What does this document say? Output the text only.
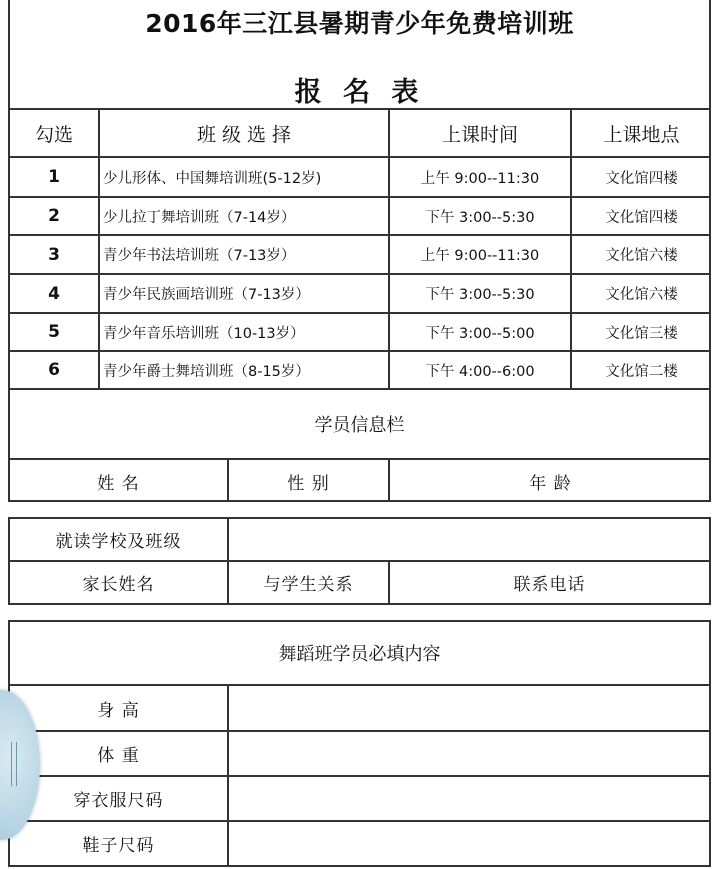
2016年三江县暑期青少年免费培训班
报 名 表
勾选	班 级 选 择	上课时间	上课地点
1	少儿形体、中国舞培训班(5-12岁)	上午 9:00--11:30	文化馆四楼
2	少儿拉丁舞培训班（7-14岁）	下午 3:00--5:30	文化馆四楼
3	青少年书法培训班（7-13岁）	上午 9:00--11:30	文化馆六楼
4	青少年民族画培训班（7-13岁）	下午 3:00--5:30	文化馆六楼
5	青少年音乐培训班（10-13岁）	下午 3:00--5:00	文化馆三楼
6	青少年爵士舞培训班（8-15岁）	下午 4:00--6:00	文化馆二楼
学员信息栏
姓 名	性 别	年 龄
就读学校及班级
家长姓名	与学生关系	联系电话
舞蹈班学员必填内容
身 高
体 重
穿衣服尺码
鞋子尺码
